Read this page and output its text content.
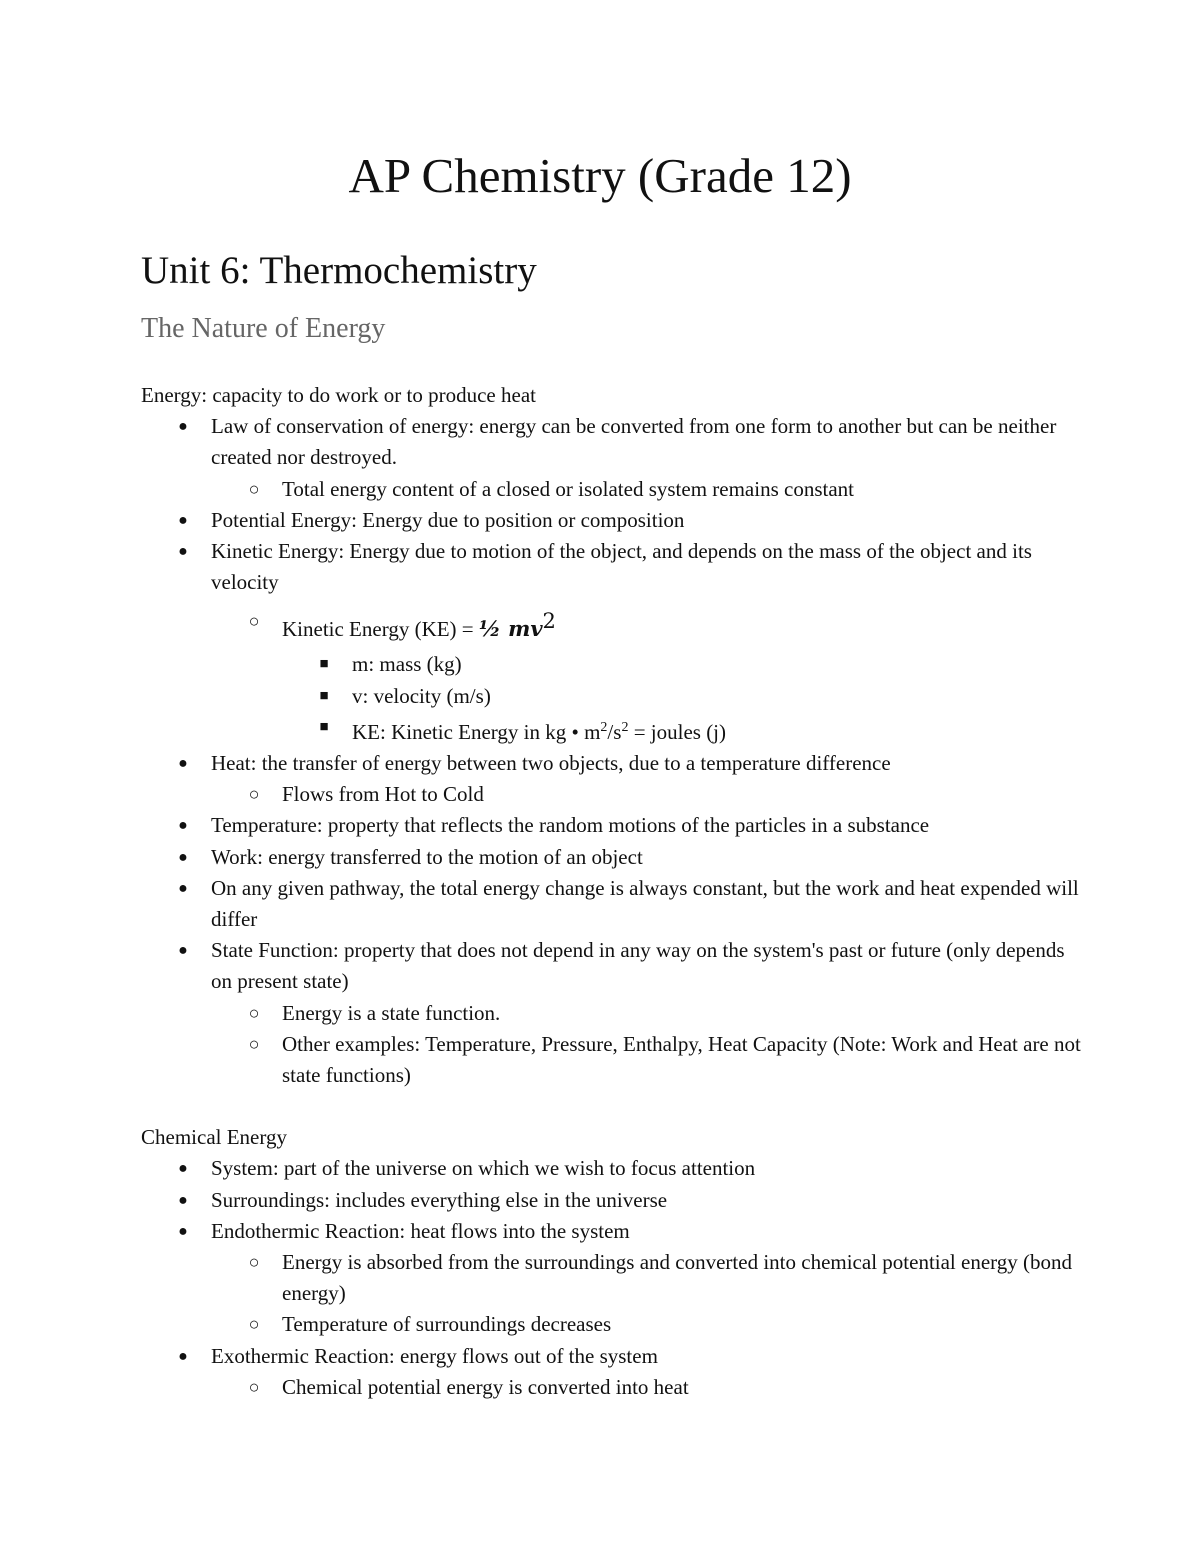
AP Chemistry (Grade 12)
Unit 6: Thermochemistry
The Nature of Energy

Energy: capacity to do work or to produce heat

● Law of conservation of energy: energy can be converted from one form to another but can be neither created nor destroyed.
○ Total energy content of a closed or isolated system remains constant
● Potential Energy: Energy due to position or composition
● Kinetic Energy: Energy due to motion of the object, and depends on the mass of the object and its velocity
○ Kinetic Energy (KE) = ½ $mv^2$
■ m: mass (kg)
■ v: velocity (m/s)
■ KE: Kinetic Energy in kg • $m^2/s^2$ = joules (j)
● Heat: the transfer of energy between two objects, due to a temperature difference
○ Flows from Hot to Cold
● Temperature: property that reflects the random motions of the particles in a substance
● Work: energy transferred to the motion of an object
● On any given pathway, the total energy change is always constant, but the work and heat expended will differ
● State Function: property that does not depend in any way on the system's past or future (only depends on present state)
○ Energy is a state function.
○ Other examples: Temperature, Pressure, Enthalpy, Heat Capacity (Note: Work and Heat are not state functions)

Chemical Energy

● System: part of the universe on which we wish to focus attention
● Surroundings: includes everything else in the universe
● Endothermic Reaction: heat flows into the system
○ Energy is absorbed from the surroundings and converted into chemical potential energy (bond energy)
○ Temperature of surroundings decreases
● Exothermic Reaction: energy flows out of the system
○ Chemical potential energy is converted into heat
